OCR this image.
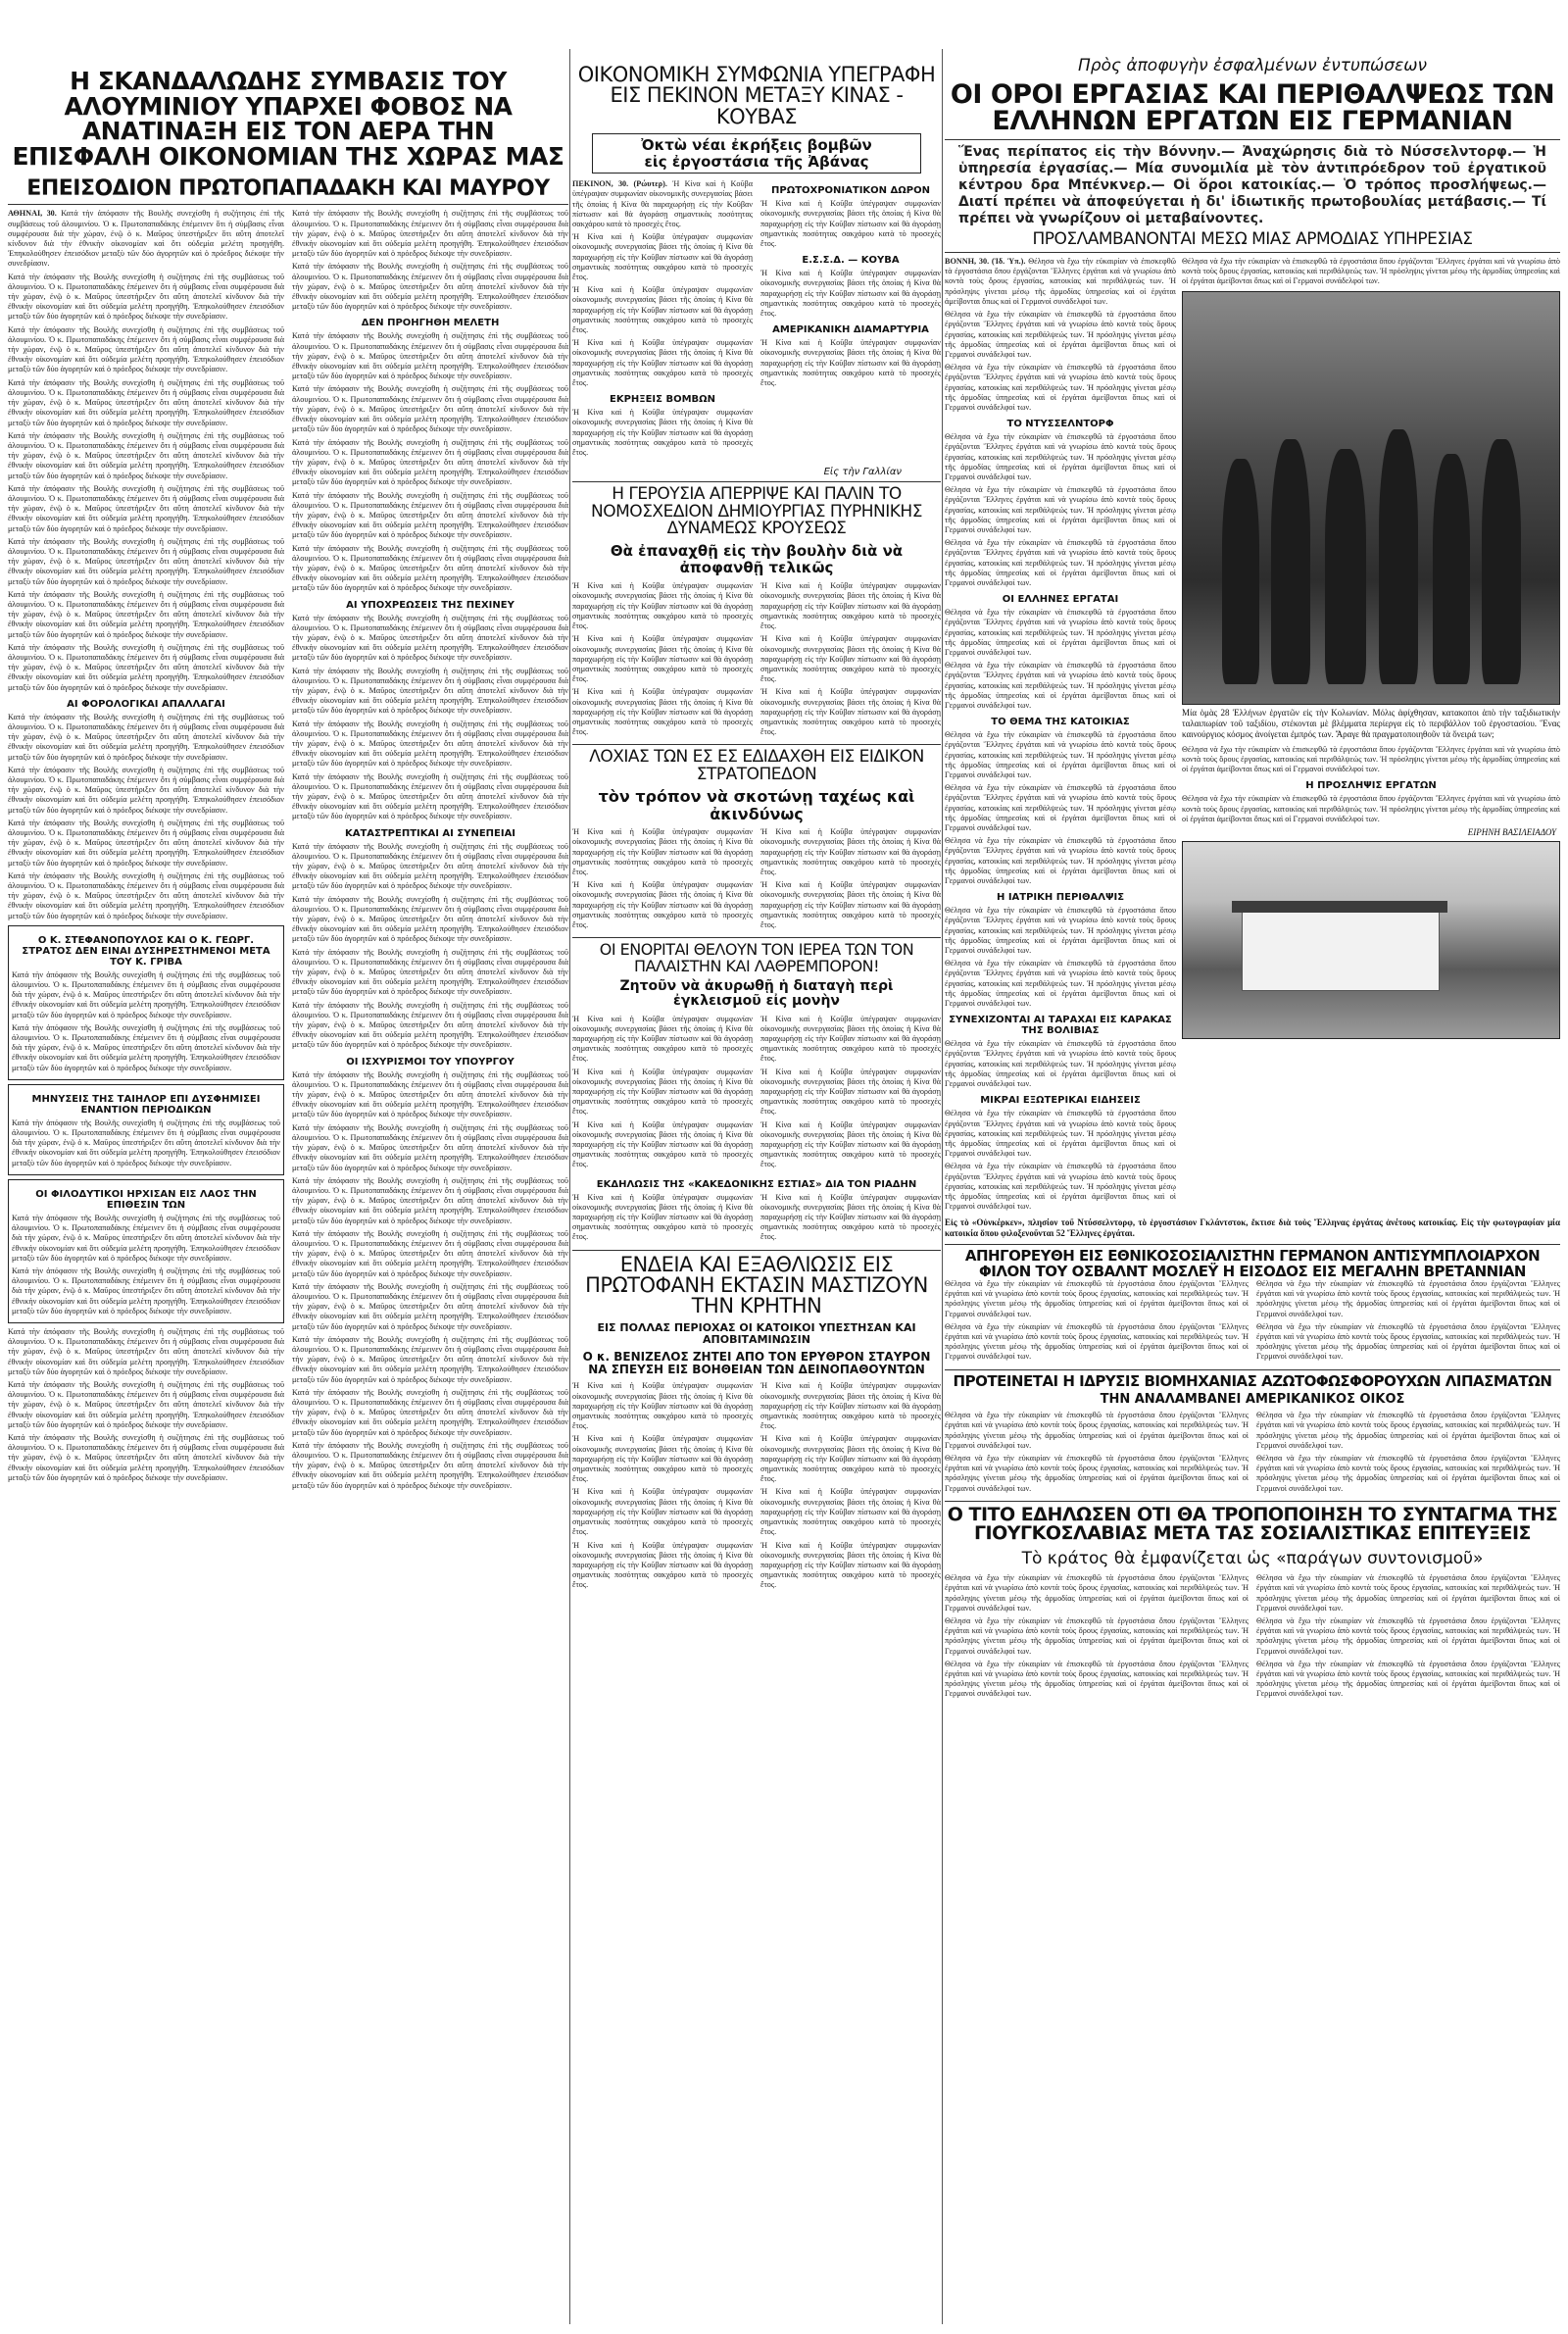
Η ΣΚΑΝΔΑΛΩΔΗΣ ΣΥΜΒΑΣΙΣ ΤΟΥ ΑΛΟΥΜΙΝΙΟΥ ΥΠΑΡΧΕΙ ΦΟΒΟΣ ΝΑ ΑΝΑΤΙΝΑΞΗ ΕΙΣ ΤΟΝ ΑΕΡΑ ΤΗΝ ΕΠΙΣΦΑΛΗ ΟΙΚΟΝΟΜΙΑΝ ΤΗΣ ΧΩΡΑΣ ΜΑΣ
ΕΠΕΙΣΟΔΙΟΝ ΠΡΩΤΟΠΑΠΑΔΑΚΗ ΚΑΙ ΜΑΥΡΟΥ

ΑΘΗΝΑΙ, 30. Κατά τὴν ἀπόφασιν τῆς Βουλῆς συνεχίσθη ἡ συζήτησις ἐπὶ τῆς συμβάσεως τοῦ ἀλουμινίου. Ὁ κ. Πρωτοπαπαδάκης ἐπέμεινεν ὅτι ἡ σύμβασις εἶναι συμφέρουσα διὰ τὴν χώραν, ἐνῷ ὁ κ. Μαῦρος ὑπεστήριξεν ὅτι αὕτη ἀποτελεῖ κίνδυνον διὰ τὴν ἐθνικὴν οἰκονομίαν καὶ ὅτι οὐδεμία μελέτη προηγήθη. Ἐπηκολούθησεν ἐπεισόδιον μεταξὺ τῶν δύο ἀγορητῶν καὶ ὁ πρόεδρος διέκοψε τὴν συνεδρίασιν.

Κατά τὴν ἀπόφασιν τῆς Βουλῆς συνεχίσθη ἡ συζήτησις ἐπὶ τῆς συμβάσεως τοῦ ἀλουμινίου. Ὁ κ. Πρωτοπαπαδάκης ἐπέμεινεν ὅτι ἡ σύμβασις εἶναι συμφέρουσα διὰ τὴν χώραν, ἐνῷ ὁ κ. Μαῦρος ὑπεστήριξεν ὅτι αὕτη ἀποτελεῖ κίνδυνον διὰ τὴν ἐθνικὴν οἰκονομίαν καὶ ὅτι οὐδεμία μελέτη προηγήθη. Ἐπηκολούθησεν ἐπεισόδιον μεταξὺ τῶν δύο ἀγορητῶν καὶ ὁ πρόεδρος διέκοψε τὴν συνεδρίασιν.

Κατά τὴν ἀπόφασιν τῆς Βουλῆς συνεχίσθη ἡ συζήτησις ἐπὶ τῆς συμβάσεως τοῦ ἀλουμινίου. Ὁ κ. Πρωτοπαπαδάκης ἐπέμεινεν ὅτι ἡ σύμβασις εἶναι συμφέρουσα διὰ τὴν χώραν, ἐνῷ ὁ κ. Μαῦρος ὑπεστήριξεν ὅτι αὕτη ἀποτελεῖ κίνδυνον διὰ τὴν ἐθνικὴν οἰκονομίαν καὶ ὅτι οὐδεμία μελέτη προηγήθη. Ἐπηκολούθησεν ἐπεισόδιον μεταξὺ τῶν δύο ἀγορητῶν καὶ ὁ πρόεδρος διέκοψε τὴν συνεδρίασιν.

Κατά τὴν ἀπόφασιν τῆς Βουλῆς συνεχίσθη ἡ συζήτησις ἐπὶ τῆς συμβάσεως τοῦ ἀλουμινίου. Ὁ κ. Πρωτοπαπαδάκης ἐπέμεινεν ὅτι ἡ σύμβασις εἶναι συμφέρουσα διὰ τὴν χώραν, ἐνῷ ὁ κ. Μαῦρος ὑπεστήριξεν ὅτι αὕτη ἀποτελεῖ κίνδυνον διὰ τὴν ἐθνικὴν οἰκονομίαν καὶ ὅτι οὐδεμία μελέτη προηγήθη. Ἐπηκολούθησεν ἐπεισόδιον μεταξὺ τῶν δύο ἀγορητῶν καὶ ὁ πρόεδρος διέκοψε τὴν συνεδρίασιν.

Κατά τὴν ἀπόφασιν τῆς Βουλῆς συνεχίσθη ἡ συζήτησις ἐπὶ τῆς συμβάσεως τοῦ ἀλουμινίου. Ὁ κ. Πρωτοπαπαδάκης ἐπέμεινεν ὅτι ἡ σύμβασις εἶναι συμφέρουσα διὰ τὴν χώραν, ἐνῷ ὁ κ. Μαῦρος ὑπεστήριξεν ὅτι αὕτη ἀποτελεῖ κίνδυνον διὰ τὴν ἐθνικὴν οἰκονομίαν καὶ ὅτι οὐδεμία μελέτη προηγήθη. Ἐπηκολούθησεν ἐπεισόδιον μεταξὺ τῶν δύο ἀγορητῶν καὶ ὁ πρόεδρος διέκοψε τὴν συνεδρίασιν.

Κατά τὴν ἀπόφασιν τῆς Βουλῆς συνεχίσθη ἡ συζήτησις ἐπὶ τῆς συμβάσεως τοῦ ἀλουμινίου. Ὁ κ. Πρωτοπαπαδάκης ἐπέμεινεν ὅτι ἡ σύμβασις εἶναι συμφέρουσα διὰ τὴν χώραν, ἐνῷ ὁ κ. Μαῦρος ὑπεστήριξεν ὅτι αὕτη ἀποτελεῖ κίνδυνον διὰ τὴν ἐθνικὴν οἰκονομίαν καὶ ὅτι οὐδεμία μελέτη προηγήθη. Ἐπηκολούθησεν ἐπεισόδιον μεταξὺ τῶν δύο ἀγορητῶν καὶ ὁ πρόεδρος διέκοψε τὴν συνεδρίασιν.

Κατά τὴν ἀπόφασιν τῆς Βουλῆς συνεχίσθη ἡ συζήτησις ἐπὶ τῆς συμβάσεως τοῦ ἀλουμινίου. Ὁ κ. Πρωτοπαπαδάκης ἐπέμεινεν ὅτι ἡ σύμβασις εἶναι συμφέρουσα διὰ τὴν χώραν, ἐνῷ ὁ κ. Μαῦρος ὑπεστήριξεν ὅτι αὕτη ἀποτελεῖ κίνδυνον διὰ τὴν ἐθνικὴν οἰκονομίαν καὶ ὅτι οὐδεμία μελέτη προηγήθη. Ἐπηκολούθησεν ἐπεισόδιον μεταξὺ τῶν δύο ἀγορητῶν καὶ ὁ πρόεδρος διέκοψε τὴν συνεδρίασιν.

Κατά τὴν ἀπόφασιν τῆς Βουλῆς συνεχίσθη ἡ συζήτησις ἐπὶ τῆς συμβάσεως τοῦ ἀλουμινίου. Ὁ κ. Πρωτοπαπαδάκης ἐπέμεινεν ὅτι ἡ σύμβασις εἶναι συμφέρουσα διὰ τὴν χώραν, ἐνῷ ὁ κ. Μαῦρος ὑπεστήριξεν ὅτι αὕτη ἀποτελεῖ κίνδυνον διὰ τὴν ἐθνικὴν οἰκονομίαν καὶ ὅτι οὐδεμία μελέτη προηγήθη. Ἐπηκολούθησεν ἐπεισόδιον μεταξὺ τῶν δύο ἀγορητῶν καὶ ὁ πρόεδρος διέκοψε τὴν συνεδρίασιν.

Κατά τὴν ἀπόφασιν τῆς Βουλῆς συνεχίσθη ἡ συζήτησις ἐπὶ τῆς συμβάσεως τοῦ ἀλουμινίου. Ὁ κ. Πρωτοπαπαδάκης ἐπέμεινεν ὅτι ἡ σύμβασις εἶναι συμφέρουσα διὰ τὴν χώραν, ἐνῷ ὁ κ. Μαῦρος ὑπεστήριξεν ὅτι αὕτη ἀποτελεῖ κίνδυνον διὰ τὴν ἐθνικὴν οἰκονομίαν καὶ ὅτι οὐδεμία μελέτη προηγήθη. Ἐπηκολούθησεν ἐπεισόδιον μεταξὺ τῶν δύο ἀγορητῶν καὶ ὁ πρόεδρος διέκοψε τὴν συνεδρίασιν.

ΑΙ ΦΟΡΟΛΟΓΙΚΑΙ ΑΠΑΛΛΑΓΑΙ

Κατά τὴν ἀπόφασιν τῆς Βουλῆς συνεχίσθη ἡ συζήτησις ἐπὶ τῆς συμβάσεως τοῦ ἀλουμινίου. Ὁ κ. Πρωτοπαπαδάκης ἐπέμεινεν ὅτι ἡ σύμβασις εἶναι συμφέρουσα διὰ τὴν χώραν, ἐνῷ ὁ κ. Μαῦρος ὑπεστήριξεν ὅτι αὕτη ἀποτελεῖ κίνδυνον διὰ τὴν ἐθνικὴν οἰκονομίαν καὶ ὅτι οὐδεμία μελέτη προηγήθη. Ἐπηκολούθησεν ἐπεισόδιον μεταξὺ τῶν δύο ἀγορητῶν καὶ ὁ πρόεδρος διέκοψε τὴν συνεδρίασιν.

Κατά τὴν ἀπόφασιν τῆς Βουλῆς συνεχίσθη ἡ συζήτησις ἐπὶ τῆς συμβάσεως τοῦ ἀλουμινίου. Ὁ κ. Πρωτοπαπαδάκης ἐπέμεινεν ὅτι ἡ σύμβασις εἶναι συμφέρουσα διὰ τὴν χώραν, ἐνῷ ὁ κ. Μαῦρος ὑπεστήριξεν ὅτι αὕτη ἀποτελεῖ κίνδυνον διὰ τὴν ἐθνικὴν οἰκονομίαν καὶ ὅτι οὐδεμία μελέτη προηγήθη. Ἐπηκολούθησεν ἐπεισόδιον μεταξὺ τῶν δύο ἀγορητῶν καὶ ὁ πρόεδρος διέκοψε τὴν συνεδρίασιν.

Κατά τὴν ἀπόφασιν τῆς Βουλῆς συνεχίσθη ἡ συζήτησις ἐπὶ τῆς συμβάσεως τοῦ ἀλουμινίου. Ὁ κ. Πρωτοπαπαδάκης ἐπέμεινεν ὅτι ἡ σύμβασις εἶναι συμφέρουσα διὰ τὴν χώραν, ἐνῷ ὁ κ. Μαῦρος ὑπεστήριξεν ὅτι αὕτη ἀποτελεῖ κίνδυνον διὰ τὴν ἐθνικὴν οἰκονομίαν καὶ ὅτι οὐδεμία μελέτη προηγήθη. Ἐπηκολούθησεν ἐπεισόδιον μεταξὺ τῶν δύο ἀγορητῶν καὶ ὁ πρόεδρος διέκοψε τὴν συνεδρίασιν.

Κατά τὴν ἀπόφασιν τῆς Βουλῆς συνεχίσθη ἡ συζήτησις ἐπὶ τῆς συμβάσεως τοῦ ἀλουμινίου. Ὁ κ. Πρωτοπαπαδάκης ἐπέμεινεν ὅτι ἡ σύμβασις εἶναι συμφέρουσα διὰ τὴν χώραν, ἐνῷ ὁ κ. Μαῦρος ὑπεστήριξεν ὅτι αὕτη ἀποτελεῖ κίνδυνον διὰ τὴν ἐθνικὴν οἰκονομίαν καὶ ὅτι οὐδεμία μελέτη προηγήθη. Ἐπηκολούθησεν ἐπεισόδιον μεταξὺ τῶν δύο ἀγορητῶν καὶ ὁ πρόεδρος διέκοψε τὴν συνεδρίασιν.

Ο Κ. ΣΤΕΦΑΝΟΠΟΥΛΟΣ ΚΑΙ Ο Κ. ΓΕΩΡΓ. ΣΤΡΑΤΟΣ ΔΕΝ ΕΙΝΑΙ ΔΥΣΗΡΕΣΤΗΜΕΝΟΙ ΜΕΤΑ ΤΟΥ Κ. ΓΡΙΒΑ

Κατά τὴν ἀπόφασιν τῆς Βουλῆς συνεχίσθη ἡ συζήτησις ἐπὶ τῆς συμβάσεως τοῦ ἀλουμινίου. Ὁ κ. Πρωτοπαπαδάκης ἐπέμεινεν ὅτι ἡ σύμβασις εἶναι συμφέρουσα διὰ τὴν χώραν, ἐνῷ ὁ κ. Μαῦρος ὑπεστήριξεν ὅτι αὕτη ἀποτελεῖ κίνδυνον διὰ τὴν ἐθνικὴν οἰκονομίαν καὶ ὅτι οὐδεμία μελέτη προηγήθη. Ἐπηκολούθησεν ἐπεισόδιον μεταξὺ τῶν δύο ἀγορητῶν καὶ ὁ πρόεδρος διέκοψε τὴν συνεδρίασιν.

Κατά τὴν ἀπόφασιν τῆς Βουλῆς συνεχίσθη ἡ συζήτησις ἐπὶ τῆς συμβάσεως τοῦ ἀλουμινίου. Ὁ κ. Πρωτοπαπαδάκης ἐπέμεινεν ὅτι ἡ σύμβασις εἶναι συμφέρουσα διὰ τὴν χώραν, ἐνῷ ὁ κ. Μαῦρος ὑπεστήριξεν ὅτι αὕτη ἀποτελεῖ κίνδυνον διὰ τὴν ἐθνικὴν οἰκονομίαν καὶ ὅτι οὐδεμία μελέτη προηγήθη. Ἐπηκολούθησεν ἐπεισόδιον μεταξὺ τῶν δύο ἀγορητῶν καὶ ὁ πρόεδρος διέκοψε τὴν συνεδρίασιν.

ΜΗΝΥΣΕΙΣ ΤΗΣ ΤΑΙΗΛΟΡ ΕΠΙ ΔΥΣΦΗΜΙΣΕΙ ΕΝΑΝΤΙΟΝ ΠΕΡΙΟΔΙΚΩΝ

Κατά τὴν ἀπόφασιν τῆς Βουλῆς συνεχίσθη ἡ συζήτησις ἐπὶ τῆς συμβάσεως τοῦ ἀλουμινίου. Ὁ κ. Πρωτοπαπαδάκης ἐπέμεινεν ὅτι ἡ σύμβασις εἶναι συμφέρουσα διὰ τὴν χώραν, ἐνῷ ὁ κ. Μαῦρος ὑπεστήριξεν ὅτι αὕτη ἀποτελεῖ κίνδυνον διὰ τὴν ἐθνικὴν οἰκονομίαν καὶ ὅτι οὐδεμία μελέτη προηγήθη. Ἐπηκολούθησεν ἐπεισόδιον μεταξὺ τῶν δύο ἀγορητῶν καὶ ὁ πρόεδρος διέκοψε τὴν συνεδρίασιν.

ΟΙ ΦΙΛΟΔΥΤΙΚΟΙ ΗΡΧΙΣΑΝ ΕΙΣ ΛΑΟΣ ΤΗΝ ΕΠΙΘΕΣΙΝ ΤΩΝ

Κατά τὴν ἀπόφασιν τῆς Βουλῆς συνεχίσθη ἡ συζήτησις ἐπὶ τῆς συμβάσεως τοῦ ἀλουμινίου. Ὁ κ. Πρωτοπαπαδάκης ἐπέμεινεν ὅτι ἡ σύμβασις εἶναι συμφέρουσα διὰ τὴν χώραν, ἐνῷ ὁ κ. Μαῦρος ὑπεστήριξεν ὅτι αὕτη ἀποτελεῖ κίνδυνον διὰ τὴν ἐθνικὴν οἰκονομίαν καὶ ὅτι οὐδεμία μελέτη προηγήθη. Ἐπηκολούθησεν ἐπεισόδιον μεταξὺ τῶν δύο ἀγορητῶν καὶ ὁ πρόεδρος διέκοψε τὴν συνεδρίασιν.

Κατά τὴν ἀπόφασιν τῆς Βουλῆς συνεχίσθη ἡ συζήτησις ἐπὶ τῆς συμβάσεως τοῦ ἀλουμινίου. Ὁ κ. Πρωτοπαπαδάκης ἐπέμεινεν ὅτι ἡ σύμβασις εἶναι συμφέρουσα διὰ τὴν χώραν, ἐνῷ ὁ κ. Μαῦρος ὑπεστήριξεν ὅτι αὕτη ἀποτελεῖ κίνδυνον διὰ τὴν ἐθνικὴν οἰκονομίαν καὶ ὅτι οὐδεμία μελέτη προηγήθη. Ἐπηκολούθησεν ἐπεισόδιον μεταξὺ τῶν δύο ἀγορητῶν καὶ ὁ πρόεδρος διέκοψε τὴν συνεδρίασιν.

Κατά τὴν ἀπόφασιν τῆς Βουλῆς συνεχίσθη ἡ συζήτησις ἐπὶ τῆς συμβάσεως τοῦ ἀλουμινίου. Ὁ κ. Πρωτοπαπαδάκης ἐπέμεινεν ὅτι ἡ σύμβασις εἶναι συμφέρουσα διὰ τὴν χώραν, ἐνῷ ὁ κ. Μαῦρος ὑπεστήριξεν ὅτι αὕτη ἀποτελεῖ κίνδυνον διὰ τὴν ἐθνικὴν οἰκονομίαν καὶ ὅτι οὐδεμία μελέτη προηγήθη. Ἐπηκολούθησεν ἐπεισόδιον μεταξὺ τῶν δύο ἀγορητῶν καὶ ὁ πρόεδρος διέκοψε τὴν συνεδρίασιν.

Κατά τὴν ἀπόφασιν τῆς Βουλῆς συνεχίσθη ἡ συζήτησις ἐπὶ τῆς συμβάσεως τοῦ ἀλουμινίου. Ὁ κ. Πρωτοπαπαδάκης ἐπέμεινεν ὅτι ἡ σύμβασις εἶναι συμφέρουσα διὰ τὴν χώραν, ἐνῷ ὁ κ. Μαῦρος ὑπεστήριξεν ὅτι αὕτη ἀποτελεῖ κίνδυνον διὰ τὴν ἐθνικὴν οἰκονομίαν καὶ ὅτι οὐδεμία μελέτη προηγήθη. Ἐπηκολούθησεν ἐπεισόδιον μεταξὺ τῶν δύο ἀγορητῶν καὶ ὁ πρόεδρος διέκοψε τὴν συνεδρίασιν.

Κατά τὴν ἀπόφασιν τῆς Βουλῆς συνεχίσθη ἡ συζήτησις ἐπὶ τῆς συμβάσεως τοῦ ἀλουμινίου. Ὁ κ. Πρωτοπαπαδάκης ἐπέμεινεν ὅτι ἡ σύμβασις εἶναι συμφέρουσα διὰ τὴν χώραν, ἐνῷ ὁ κ. Μαῦρος ὑπεστήριξεν ὅτι αὕτη ἀποτελεῖ κίνδυνον διὰ τὴν ἐθνικὴν οἰκονομίαν καὶ ὅτι οὐδεμία μελέτη προηγήθη. Ἐπηκολούθησεν ἐπεισόδιον μεταξὺ τῶν δύο ἀγορητῶν καὶ ὁ πρόεδρος διέκοψε τὴν συνεδρίασιν.

Κατά τὴν ἀπόφασιν τῆς Βουλῆς συνεχίσθη ἡ συζήτησις ἐπὶ τῆς συμβάσεως τοῦ ἀλουμινίου. Ὁ κ. Πρωτοπαπαδάκης ἐπέμεινεν ὅτι ἡ σύμβασις εἶναι συμφέρουσα διὰ τὴν χώραν, ἐνῷ ὁ κ. Μαῦρος ὑπεστήριξεν ὅτι αὕτη ἀποτελεῖ κίνδυνον διὰ τὴν ἐθνικὴν οἰκονομίαν καὶ ὅτι οὐδεμία μελέτη προηγήθη. Ἐπηκολούθησεν ἐπεισόδιον μεταξὺ τῶν δύο ἀγορητῶν καὶ ὁ πρόεδρος διέκοψε τὴν συνεδρίασιν.

Κατά τὴν ἀπόφασιν τῆς Βουλῆς συνεχίσθη ἡ συζήτησις ἐπὶ τῆς συμβάσεως τοῦ ἀλουμινίου. Ὁ κ. Πρωτοπαπαδάκης ἐπέμεινεν ὅτι ἡ σύμβασις εἶναι συμφέρουσα διὰ τὴν χώραν, ἐνῷ ὁ κ. Μαῦρος ὑπεστήριξεν ὅτι αὕτη ἀποτελεῖ κίνδυνον διὰ τὴν ἐθνικὴν οἰκονομίαν καὶ ὅτι οὐδεμία μελέτη προηγήθη. Ἐπηκολούθησεν ἐπεισόδιον μεταξὺ τῶν δύο ἀγορητῶν καὶ ὁ πρόεδρος διέκοψε τὴν συνεδρίασιν.

ΔΕΝ ΠΡΟΗΓΗΘΗ ΜΕΛΕΤΗ

Κατά τὴν ἀπόφασιν τῆς Βουλῆς συνεχίσθη ἡ συζήτησις ἐπὶ τῆς συμβάσεως τοῦ ἀλουμινίου. Ὁ κ. Πρωτοπαπαδάκης ἐπέμεινεν ὅτι ἡ σύμβασις εἶναι συμφέρουσα διὰ τὴν χώραν, ἐνῷ ὁ κ. Μαῦρος ὑπεστήριξεν ὅτι αὕτη ἀποτελεῖ κίνδυνον διὰ τὴν ἐθνικὴν οἰκονομίαν καὶ ὅτι οὐδεμία μελέτη προηγήθη. Ἐπηκολούθησεν ἐπεισόδιον μεταξὺ τῶν δύο ἀγορητῶν καὶ ὁ πρόεδρος διέκοψε τὴν συνεδρίασιν.

Κατά τὴν ἀπόφασιν τῆς Βουλῆς συνεχίσθη ἡ συζήτησις ἐπὶ τῆς συμβάσεως τοῦ ἀλουμινίου. Ὁ κ. Πρωτοπαπαδάκης ἐπέμεινεν ὅτι ἡ σύμβασις εἶναι συμφέρουσα διὰ τὴν χώραν, ἐνῷ ὁ κ. Μαῦρος ὑπεστήριξεν ὅτι αὕτη ἀποτελεῖ κίνδυνον διὰ τὴν ἐθνικὴν οἰκονομίαν καὶ ὅτι οὐδεμία μελέτη προηγήθη. Ἐπηκολούθησεν ἐπεισόδιον μεταξὺ τῶν δύο ἀγορητῶν καὶ ὁ πρόεδρος διέκοψε τὴν συνεδρίασιν.

Κατά τὴν ἀπόφασιν τῆς Βουλῆς συνεχίσθη ἡ συζήτησις ἐπὶ τῆς συμβάσεως τοῦ ἀλουμινίου. Ὁ κ. Πρωτοπαπαδάκης ἐπέμεινεν ὅτι ἡ σύμβασις εἶναι συμφέρουσα διὰ τὴν χώραν, ἐνῷ ὁ κ. Μαῦρος ὑπεστήριξεν ὅτι αὕτη ἀποτελεῖ κίνδυνον διὰ τὴν ἐθνικὴν οἰκονομίαν καὶ ὅτι οὐδεμία μελέτη προηγήθη. Ἐπηκολούθησεν ἐπεισόδιον μεταξὺ τῶν δύο ἀγορητῶν καὶ ὁ πρόεδρος διέκοψε τὴν συνεδρίασιν.

Κατά τὴν ἀπόφασιν τῆς Βουλῆς συνεχίσθη ἡ συζήτησις ἐπὶ τῆς συμβάσεως τοῦ ἀλουμινίου. Ὁ κ. Πρωτοπαπαδάκης ἐπέμεινεν ὅτι ἡ σύμβασις εἶναι συμφέρουσα διὰ τὴν χώραν, ἐνῷ ὁ κ. Μαῦρος ὑπεστήριξεν ὅτι αὕτη ἀποτελεῖ κίνδυνον διὰ τὴν ἐθνικὴν οἰκονομίαν καὶ ὅτι οὐδεμία μελέτη προηγήθη. Ἐπηκολούθησεν ἐπεισόδιον μεταξὺ τῶν δύο ἀγορητῶν καὶ ὁ πρόεδρος διέκοψε τὴν συνεδρίασιν.

Κατά τὴν ἀπόφασιν τῆς Βουλῆς συνεχίσθη ἡ συζήτησις ἐπὶ τῆς συμβάσεως τοῦ ἀλουμινίου. Ὁ κ. Πρωτοπαπαδάκης ἐπέμεινεν ὅτι ἡ σύμβασις εἶναι συμφέρουσα διὰ τὴν χώραν, ἐνῷ ὁ κ. Μαῦρος ὑπεστήριξεν ὅτι αὕτη ἀποτελεῖ κίνδυνον διὰ τὴν ἐθνικὴν οἰκονομίαν καὶ ὅτι οὐδεμία μελέτη προηγήθη. Ἐπηκολούθησεν ἐπεισόδιον μεταξὺ τῶν δύο ἀγορητῶν καὶ ὁ πρόεδρος διέκοψε τὴν συνεδρίασιν.

ΑΙ ΥΠΟΧΡΕΩΣΕΙΣ ΤΗΣ ΠΕΧΙΝΕΥ

Κατά τὴν ἀπόφασιν τῆς Βουλῆς συνεχίσθη ἡ συζήτησις ἐπὶ τῆς συμβάσεως τοῦ ἀλουμινίου. Ὁ κ. Πρωτοπαπαδάκης ἐπέμεινεν ὅτι ἡ σύμβασις εἶναι συμφέρουσα διὰ τὴν χώραν, ἐνῷ ὁ κ. Μαῦρος ὑπεστήριξεν ὅτι αὕτη ἀποτελεῖ κίνδυνον διὰ τὴν ἐθνικὴν οἰκονομίαν καὶ ὅτι οὐδεμία μελέτη προηγήθη. Ἐπηκολούθησεν ἐπεισόδιον μεταξὺ τῶν δύο ἀγορητῶν καὶ ὁ πρόεδρος διέκοψε τὴν συνεδρίασιν.

Κατά τὴν ἀπόφασιν τῆς Βουλῆς συνεχίσθη ἡ συζήτησις ἐπὶ τῆς συμβάσεως τοῦ ἀλουμινίου. Ὁ κ. Πρωτοπαπαδάκης ἐπέμεινεν ὅτι ἡ σύμβασις εἶναι συμφέρουσα διὰ τὴν χώραν, ἐνῷ ὁ κ. Μαῦρος ὑπεστήριξεν ὅτι αὕτη ἀποτελεῖ κίνδυνον διὰ τὴν ἐθνικὴν οἰκονομίαν καὶ ὅτι οὐδεμία μελέτη προηγήθη. Ἐπηκολούθησεν ἐπεισόδιον μεταξὺ τῶν δύο ἀγορητῶν καὶ ὁ πρόεδρος διέκοψε τὴν συνεδρίασιν.

Κατά τὴν ἀπόφασιν τῆς Βουλῆς συνεχίσθη ἡ συζήτησις ἐπὶ τῆς συμβάσεως τοῦ ἀλουμινίου. Ὁ κ. Πρωτοπαπαδάκης ἐπέμεινεν ὅτι ἡ σύμβασις εἶναι συμφέρουσα διὰ τὴν χώραν, ἐνῷ ὁ κ. Μαῦρος ὑπεστήριξεν ὅτι αὕτη ἀποτελεῖ κίνδυνον διὰ τὴν ἐθνικὴν οἰκονομίαν καὶ ὅτι οὐδεμία μελέτη προηγήθη. Ἐπηκολούθησεν ἐπεισόδιον μεταξὺ τῶν δύο ἀγορητῶν καὶ ὁ πρόεδρος διέκοψε τὴν συνεδρίασιν.

Κατά τὴν ἀπόφασιν τῆς Βουλῆς συνεχίσθη ἡ συζήτησις ἐπὶ τῆς συμβάσεως τοῦ ἀλουμινίου. Ὁ κ. Πρωτοπαπαδάκης ἐπέμεινεν ὅτι ἡ σύμβασις εἶναι συμφέρουσα διὰ τὴν χώραν, ἐνῷ ὁ κ. Μαῦρος ὑπεστήριξεν ὅτι αὕτη ἀποτελεῖ κίνδυνον διὰ τὴν ἐθνικὴν οἰκονομίαν καὶ ὅτι οὐδεμία μελέτη προηγήθη. Ἐπηκολούθησεν ἐπεισόδιον μεταξὺ τῶν δύο ἀγορητῶν καὶ ὁ πρόεδρος διέκοψε τὴν συνεδρίασιν.

ΚΑΤΑΣΤΡΕΠΤΙΚΑΙ ΑΙ ΣΥΝΕΠΕΙΑΙ

Κατά τὴν ἀπόφασιν τῆς Βουλῆς συνεχίσθη ἡ συζήτησις ἐπὶ τῆς συμβάσεως τοῦ ἀλουμινίου. Ὁ κ. Πρωτοπαπαδάκης ἐπέμεινεν ὅτι ἡ σύμβασις εἶναι συμφέρουσα διὰ τὴν χώραν, ἐνῷ ὁ κ. Μαῦρος ὑπεστήριξεν ὅτι αὕτη ἀποτελεῖ κίνδυνον διὰ τὴν ἐθνικὴν οἰκονομίαν καὶ ὅτι οὐδεμία μελέτη προηγήθη. Ἐπηκολούθησεν ἐπεισόδιον μεταξὺ τῶν δύο ἀγορητῶν καὶ ὁ πρόεδρος διέκοψε τὴν συνεδρίασιν.

Κατά τὴν ἀπόφασιν τῆς Βουλῆς συνεχίσθη ἡ συζήτησις ἐπὶ τῆς συμβάσεως τοῦ ἀλουμινίου. Ὁ κ. Πρωτοπαπαδάκης ἐπέμεινεν ὅτι ἡ σύμβασις εἶναι συμφέρουσα διὰ τὴν χώραν, ἐνῷ ὁ κ. Μαῦρος ὑπεστήριξεν ὅτι αὕτη ἀποτελεῖ κίνδυνον διὰ τὴν ἐθνικὴν οἰκονομίαν καὶ ὅτι οὐδεμία μελέτη προηγήθη. Ἐπηκολούθησεν ἐπεισόδιον μεταξὺ τῶν δύο ἀγορητῶν καὶ ὁ πρόεδρος διέκοψε τὴν συνεδρίασιν.

Κατά τὴν ἀπόφασιν τῆς Βουλῆς συνεχίσθη ἡ συζήτησις ἐπὶ τῆς συμβάσεως τοῦ ἀλουμινίου. Ὁ κ. Πρωτοπαπαδάκης ἐπέμεινεν ὅτι ἡ σύμβασις εἶναι συμφέρουσα διὰ τὴν χώραν, ἐνῷ ὁ κ. Μαῦρος ὑπεστήριξεν ὅτι αὕτη ἀποτελεῖ κίνδυνον διὰ τὴν ἐθνικὴν οἰκονομίαν καὶ ὅτι οὐδεμία μελέτη προηγήθη. Ἐπηκολούθησεν ἐπεισόδιον μεταξὺ τῶν δύο ἀγορητῶν καὶ ὁ πρόεδρος διέκοψε τὴν συνεδρίασιν.

Κατά τὴν ἀπόφασιν τῆς Βουλῆς συνεχίσθη ἡ συζήτησις ἐπὶ τῆς συμβάσεως τοῦ ἀλουμινίου. Ὁ κ. Πρωτοπαπαδάκης ἐπέμεινεν ὅτι ἡ σύμβασις εἶναι συμφέρουσα διὰ τὴν χώραν, ἐνῷ ὁ κ. Μαῦρος ὑπεστήριξεν ὅτι αὕτη ἀποτελεῖ κίνδυνον διὰ τὴν ἐθνικὴν οἰκονομίαν καὶ ὅτι οὐδεμία μελέτη προηγήθη. Ἐπηκολούθησεν ἐπεισόδιον μεταξὺ τῶν δύο ἀγορητῶν καὶ ὁ πρόεδρος διέκοψε τὴν συνεδρίασιν.

ΟΙ ΙΣΧΥΡΙΣΜΟΙ ΤΟΥ ΥΠΟΥΡΓΟΥ

Κατά τὴν ἀπόφασιν τῆς Βουλῆς συνεχίσθη ἡ συζήτησις ἐπὶ τῆς συμβάσεως τοῦ ἀλουμινίου. Ὁ κ. Πρωτοπαπαδάκης ἐπέμεινεν ὅτι ἡ σύμβασις εἶναι συμφέρουσα διὰ τὴν χώραν, ἐνῷ ὁ κ. Μαῦρος ὑπεστήριξεν ὅτι αὕτη ἀποτελεῖ κίνδυνον διὰ τὴν ἐθνικὴν οἰκονομίαν καὶ ὅτι οὐδεμία μελέτη προηγήθη. Ἐπηκολούθησεν ἐπεισόδιον μεταξὺ τῶν δύο ἀγορητῶν καὶ ὁ πρόεδρος διέκοψε τὴν συνεδρίασιν.

Κατά τὴν ἀπόφασιν τῆς Βουλῆς συνεχίσθη ἡ συζήτησις ἐπὶ τῆς συμβάσεως τοῦ ἀλουμινίου. Ὁ κ. Πρωτοπαπαδάκης ἐπέμεινεν ὅτι ἡ σύμβασις εἶναι συμφέρουσα διὰ τὴν χώραν, ἐνῷ ὁ κ. Μαῦρος ὑπεστήριξεν ὅτι αὕτη ἀποτελεῖ κίνδυνον διὰ τὴν ἐθνικὴν οἰκονομίαν καὶ ὅτι οὐδεμία μελέτη προηγήθη. Ἐπηκολούθησεν ἐπεισόδιον μεταξὺ τῶν δύο ἀγορητῶν καὶ ὁ πρόεδρος διέκοψε τὴν συνεδρίασιν.

Κατά τὴν ἀπόφασιν τῆς Βουλῆς συνεχίσθη ἡ συζήτησις ἐπὶ τῆς συμβάσεως τοῦ ἀλουμινίου. Ὁ κ. Πρωτοπαπαδάκης ἐπέμεινεν ὅτι ἡ σύμβασις εἶναι συμφέρουσα διὰ τὴν χώραν, ἐνῷ ὁ κ. Μαῦρος ὑπεστήριξεν ὅτι αὕτη ἀποτελεῖ κίνδυνον διὰ τὴν ἐθνικὴν οἰκονομίαν καὶ ὅτι οὐδεμία μελέτη προηγήθη. Ἐπηκολούθησεν ἐπεισόδιον μεταξὺ τῶν δύο ἀγορητῶν καὶ ὁ πρόεδρος διέκοψε τὴν συνεδρίασιν.

Κατά τὴν ἀπόφασιν τῆς Βουλῆς συνεχίσθη ἡ συζήτησις ἐπὶ τῆς συμβάσεως τοῦ ἀλουμινίου. Ὁ κ. Πρωτοπαπαδάκης ἐπέμεινεν ὅτι ἡ σύμβασις εἶναι συμφέρουσα διὰ τὴν χώραν, ἐνῷ ὁ κ. Μαῦρος ὑπεστήριξεν ὅτι αὕτη ἀποτελεῖ κίνδυνον διὰ τὴν ἐθνικὴν οἰκονομίαν καὶ ὅτι οὐδεμία μελέτη προηγήθη. Ἐπηκολούθησεν ἐπεισόδιον μεταξὺ τῶν δύο ἀγορητῶν καὶ ὁ πρόεδρος διέκοψε τὴν συνεδρίασιν.

Κατά τὴν ἀπόφασιν τῆς Βουλῆς συνεχίσθη ἡ συζήτησις ἐπὶ τῆς συμβάσεως τοῦ ἀλουμινίου. Ὁ κ. Πρωτοπαπαδάκης ἐπέμεινεν ὅτι ἡ σύμβασις εἶναι συμφέρουσα διὰ τὴν χώραν, ἐνῷ ὁ κ. Μαῦρος ὑπεστήριξεν ὅτι αὕτη ἀποτελεῖ κίνδυνον διὰ τὴν ἐθνικὴν οἰκονομίαν καὶ ὅτι οὐδεμία μελέτη προηγήθη. Ἐπηκολούθησεν ἐπεισόδιον μεταξὺ τῶν δύο ἀγορητῶν καὶ ὁ πρόεδρος διέκοψε τὴν συνεδρίασιν.

Κατά τὴν ἀπόφασιν τῆς Βουλῆς συνεχίσθη ἡ συζήτησις ἐπὶ τῆς συμβάσεως τοῦ ἀλουμινίου. Ὁ κ. Πρωτοπαπαδάκης ἐπέμεινεν ὅτι ἡ σύμβασις εἶναι συμφέρουσα διὰ τὴν χώραν, ἐνῷ ὁ κ. Μαῦρος ὑπεστήριξεν ὅτι αὕτη ἀποτελεῖ κίνδυνον διὰ τὴν ἐθνικὴν οἰκονομίαν καὶ ὅτι οὐδεμία μελέτη προηγήθη. Ἐπηκολούθησεν ἐπεισόδιον μεταξὺ τῶν δύο ἀγορητῶν καὶ ὁ πρόεδρος διέκοψε τὴν συνεδρίασιν.

Κατά τὴν ἀπόφασιν τῆς Βουλῆς συνεχίσθη ἡ συζήτησις ἐπὶ τῆς συμβάσεως τοῦ ἀλουμινίου. Ὁ κ. Πρωτοπαπαδάκης ἐπέμεινεν ὅτι ἡ σύμβασις εἶναι συμφέρουσα διὰ τὴν χώραν, ἐνῷ ὁ κ. Μαῦρος ὑπεστήριξεν ὅτι αὕτη ἀποτελεῖ κίνδυνον διὰ τὴν ἐθνικὴν οἰκονομίαν καὶ ὅτι οὐδεμία μελέτη προηγήθη. Ἐπηκολούθησεν ἐπεισόδιον μεταξὺ τῶν δύο ἀγορητῶν καὶ ὁ πρόεδρος διέκοψε τὴν συνεδρίασιν.

Κατά τὴν ἀπόφασιν τῆς Βουλῆς συνεχίσθη ἡ συζήτησις ἐπὶ τῆς συμβάσεως τοῦ ἀλουμινίου. Ὁ κ. Πρωτοπαπαδάκης ἐπέμεινεν ὅτι ἡ σύμβασις εἶναι συμφέρουσα διὰ τὴν χώραν, ἐνῷ ὁ κ. Μαῦρος ὑπεστήριξεν ὅτι αὕτη ἀποτελεῖ κίνδυνον διὰ τὴν ἐθνικὴν οἰκονομίαν καὶ ὅτι οὐδεμία μελέτη προηγήθη. Ἐπηκολούθησεν ἐπεισόδιον μεταξὺ τῶν δύο ἀγορητῶν καὶ ὁ πρόεδρος διέκοψε τὴν συνεδρίασιν.

ΟΙΚΟΝΟΜΙΚΗ ΣΥΜΦΩΝΙΑ ΥΠΕΓΡΑΦΗ ΕΙΣ ΠΕΚΙΝΟΝ ΜΕΤΑΞΥ ΚΙΝΑΣ - ΚΟΥΒΑΣ

Ὀκτὼ νέαι ἐκρήξεις βομβῶν

εἰς ἐργοστάσια τῆς Ἀβάνας

ΠΕΚΙΝΟΝ, 30. (Ρώυτερ). Ἡ Κίνα καὶ ἡ Κοῦβα ὑπέγραψαν συμφωνίαν οἰκονομικῆς συνεργασίας βάσει τῆς ὁποίας ἡ Κίνα θὰ παραχωρήσῃ εἰς τὴν Κοῦβαν πίστωσιν καὶ θὰ ἀγοράσῃ σημαντικὰς ποσότητας σακχάρου κατὰ τὸ προσεχὲς ἔτος.

Ἡ Κίνα καὶ ἡ Κοῦβα ὑπέγραψαν συμφωνίαν οἰκονομικῆς συνεργασίας βάσει τῆς ὁποίας ἡ Κίνα θὰ παραχωρήσῃ εἰς τὴν Κοῦβαν πίστωσιν καὶ θὰ ἀγοράσῃ σημαντικὰς ποσότητας σακχάρου κατὰ τὸ προσεχὲς ἔτος.

Ἡ Κίνα καὶ ἡ Κοῦβα ὑπέγραψαν συμφωνίαν οἰκονομικῆς συνεργασίας βάσει τῆς ὁποίας ἡ Κίνα θὰ παραχωρήσῃ εἰς τὴν Κοῦβαν πίστωσιν καὶ θὰ ἀγοράσῃ σημαντικὰς ποσότητας σακχάρου κατὰ τὸ προσεχὲς ἔτος.

Ἡ Κίνα καὶ ἡ Κοῦβα ὑπέγραψαν συμφωνίαν οἰκονομικῆς συνεργασίας βάσει τῆς ὁποίας ἡ Κίνα θὰ παραχωρήσῃ εἰς τὴν Κοῦβαν πίστωσιν καὶ θὰ ἀγοράσῃ σημαντικὰς ποσότητας σακχάρου κατὰ τὸ προσεχὲς ἔτος.

ΕΚΡΗΞΕΙΣ ΒΟΜΒΩΝ

Ἡ Κίνα καὶ ἡ Κοῦβα ὑπέγραψαν συμφωνίαν οἰκονομικῆς συνεργασίας βάσει τῆς ὁποίας ἡ Κίνα θὰ παραχωρήσῃ εἰς τὴν Κοῦβαν πίστωσιν καὶ θὰ ἀγοράσῃ σημαντικὰς ποσότητας σακχάρου κατὰ τὸ προσεχὲς ἔτος.

ΠΡΩΤΟΧΡΟΝΙΑΤΙΚΟΝ ΔΩΡΟΝ

Ἡ Κίνα καὶ ἡ Κοῦβα ὑπέγραψαν συμφωνίαν οἰκονομικῆς συνεργασίας βάσει τῆς ὁποίας ἡ Κίνα θὰ παραχωρήσῃ εἰς τὴν Κοῦβαν πίστωσιν καὶ θὰ ἀγοράσῃ σημαντικὰς ποσότητας σακχάρου κατὰ τὸ προσεχὲς ἔτος.

Ε.Σ.Σ.Δ. — ΚΟΥΒΑ

Ἡ Κίνα καὶ ἡ Κοῦβα ὑπέγραψαν συμφωνίαν οἰκονομικῆς συνεργασίας βάσει τῆς ὁποίας ἡ Κίνα θὰ παραχωρήσῃ εἰς τὴν Κοῦβαν πίστωσιν καὶ θὰ ἀγοράσῃ σημαντικὰς ποσότητας σακχάρου κατὰ τὸ προσεχὲς ἔτος.

ΑΜΕΡΙΚΑΝΙΚΗ ΔΙΑΜΑΡΤΥΡΙΑ

Ἡ Κίνα καὶ ἡ Κοῦβα ὑπέγραψαν συμφωνίαν οἰκονομικῆς συνεργασίας βάσει τῆς ὁποίας ἡ Κίνα θὰ παραχωρήσῃ εἰς τὴν Κοῦβαν πίστωσιν καὶ θὰ ἀγοράσῃ σημαντικὰς ποσότητας σακχάρου κατὰ τὸ προσεχὲς ἔτος.

Εἰς τὴν Γαλλίαν
Η ΓΕΡΟΥΣΙΑ ΑΠΕΡΡΙΨΕ ΚΑΙ ΠΑΛΙΝ ΤΟ ΝΟΜΟΣΧΕΔΙΟΝ ΔΗΜΙΟΥΡΓΙΑΣ ΠΥΡΗΝΙΚΗΣ ΔΥΝΑΜΕΩΣ ΚΡΟΥΣΕΩΣ

Θὰ ἐπαναχθῇ εἰς τὴν βουλὴν διὰ νὰ ἀποφανθῇ τελικῶς

Ἡ Κίνα καὶ ἡ Κοῦβα ὑπέγραψαν συμφωνίαν οἰκονομικῆς συνεργασίας βάσει τῆς ὁποίας ἡ Κίνα θὰ παραχωρήσῃ εἰς τὴν Κοῦβαν πίστωσιν καὶ θὰ ἀγοράσῃ σημαντικὰς ποσότητας σακχάρου κατὰ τὸ προσεχὲς ἔτος.

Ἡ Κίνα καὶ ἡ Κοῦβα ὑπέγραψαν συμφωνίαν οἰκονομικῆς συνεργασίας βάσει τῆς ὁποίας ἡ Κίνα θὰ παραχωρήσῃ εἰς τὴν Κοῦβαν πίστωσιν καὶ θὰ ἀγοράσῃ σημαντικὰς ποσότητας σακχάρου κατὰ τὸ προσεχὲς ἔτος.

Ἡ Κίνα καὶ ἡ Κοῦβα ὑπέγραψαν συμφωνίαν οἰκονομικῆς συνεργασίας βάσει τῆς ὁποίας ἡ Κίνα θὰ παραχωρήσῃ εἰς τὴν Κοῦβαν πίστωσιν καὶ θὰ ἀγοράσῃ σημαντικὰς ποσότητας σακχάρου κατὰ τὸ προσεχὲς ἔτος.

Ἡ Κίνα καὶ ἡ Κοῦβα ὑπέγραψαν συμφωνίαν οἰκονομικῆς συνεργασίας βάσει τῆς ὁποίας ἡ Κίνα θὰ παραχωρήσῃ εἰς τὴν Κοῦβαν πίστωσιν καὶ θὰ ἀγοράσῃ σημαντικὰς ποσότητας σακχάρου κατὰ τὸ προσεχὲς ἔτος.

Ἡ Κίνα καὶ ἡ Κοῦβα ὑπέγραψαν συμφωνίαν οἰκονομικῆς συνεργασίας βάσει τῆς ὁποίας ἡ Κίνα θὰ παραχωρήσῃ εἰς τὴν Κοῦβαν πίστωσιν καὶ θὰ ἀγοράσῃ σημαντικὰς ποσότητας σακχάρου κατὰ τὸ προσεχὲς ἔτος.

Ἡ Κίνα καὶ ἡ Κοῦβα ὑπέγραψαν συμφωνίαν οἰκονομικῆς συνεργασίας βάσει τῆς ὁποίας ἡ Κίνα θὰ παραχωρήσῃ εἰς τὴν Κοῦβαν πίστωσιν καὶ θὰ ἀγοράσῃ σημαντικὰς ποσότητας σακχάρου κατὰ τὸ προσεχὲς ἔτος.

ΛΟΧΙΑΣ ΤΩΝ ΕΣ ΕΣ ΕΔΙΔΑΧΘΗ ΕΙΣ ΕΙΔΙΚΟΝ ΣΤΡΑΤΟΠΕΔΟΝ

τὸν τρόπον νὰ σκοτώνῃ ταχέως καὶ ἀκινδύνως

Ἡ Κίνα καὶ ἡ Κοῦβα ὑπέγραψαν συμφωνίαν οἰκονομικῆς συνεργασίας βάσει τῆς ὁποίας ἡ Κίνα θὰ παραχωρήσῃ εἰς τὴν Κοῦβαν πίστωσιν καὶ θὰ ἀγοράσῃ σημαντικὰς ποσότητας σακχάρου κατὰ τὸ προσεχὲς ἔτος.

Ἡ Κίνα καὶ ἡ Κοῦβα ὑπέγραψαν συμφωνίαν οἰκονομικῆς συνεργασίας βάσει τῆς ὁποίας ἡ Κίνα θὰ παραχωρήσῃ εἰς τὴν Κοῦβαν πίστωσιν καὶ θὰ ἀγοράσῃ σημαντικὰς ποσότητας σακχάρου κατὰ τὸ προσεχὲς ἔτος.

Ἡ Κίνα καὶ ἡ Κοῦβα ὑπέγραψαν συμφωνίαν οἰκονομικῆς συνεργασίας βάσει τῆς ὁποίας ἡ Κίνα θὰ παραχωρήσῃ εἰς τὴν Κοῦβαν πίστωσιν καὶ θὰ ἀγοράσῃ σημαντικὰς ποσότητας σακχάρου κατὰ τὸ προσεχὲς ἔτος.

Ἡ Κίνα καὶ ἡ Κοῦβα ὑπέγραψαν συμφωνίαν οἰκονομικῆς συνεργασίας βάσει τῆς ὁποίας ἡ Κίνα θὰ παραχωρήσῃ εἰς τὴν Κοῦβαν πίστωσιν καὶ θὰ ἀγοράσῃ σημαντικὰς ποσότητας σακχάρου κατὰ τὸ προσεχὲς ἔτος.

ΟΙ ΕΝΟΡΙΤΑΙ ΘΕΛΟΥΝ ΤΟΝ ΙΕΡΕΑ ΤΩΝ ΤΟΝ ΠΑΛΑΙΣΤΗΝ ΚΑΙ ΛΑΘΡΕΜΠΟΡΟΝ!

Ζητοῦν νὰ ἀκυρωθῇ ἡ διαταγὴ περὶ ἐγκλεισμοῦ εἰς μονὴν

Ἡ Κίνα καὶ ἡ Κοῦβα ὑπέγραψαν συμφωνίαν οἰκονομικῆς συνεργασίας βάσει τῆς ὁποίας ἡ Κίνα θὰ παραχωρήσῃ εἰς τὴν Κοῦβαν πίστωσιν καὶ θὰ ἀγοράσῃ σημαντικὰς ποσότητας σακχάρου κατὰ τὸ προσεχὲς ἔτος.

Ἡ Κίνα καὶ ἡ Κοῦβα ὑπέγραψαν συμφωνίαν οἰκονομικῆς συνεργασίας βάσει τῆς ὁποίας ἡ Κίνα θὰ παραχωρήσῃ εἰς τὴν Κοῦβαν πίστωσιν καὶ θὰ ἀγοράσῃ σημαντικὰς ποσότητας σακχάρου κατὰ τὸ προσεχὲς ἔτος.

Ἡ Κίνα καὶ ἡ Κοῦβα ὑπέγραψαν συμφωνίαν οἰκονομικῆς συνεργασίας βάσει τῆς ὁποίας ἡ Κίνα θὰ παραχωρήσῃ εἰς τὴν Κοῦβαν πίστωσιν καὶ θὰ ἀγοράσῃ σημαντικὰς ποσότητας σακχάρου κατὰ τὸ προσεχὲς ἔτος.

Ἡ Κίνα καὶ ἡ Κοῦβα ὑπέγραψαν συμφωνίαν οἰκονομικῆς συνεργασίας βάσει τῆς ὁποίας ἡ Κίνα θὰ παραχωρήσῃ εἰς τὴν Κοῦβαν πίστωσιν καὶ θὰ ἀγοράσῃ σημαντικὰς ποσότητας σακχάρου κατὰ τὸ προσεχὲς ἔτος.

Ἡ Κίνα καὶ ἡ Κοῦβα ὑπέγραψαν συμφωνίαν οἰκονομικῆς συνεργασίας βάσει τῆς ὁποίας ἡ Κίνα θὰ παραχωρήσῃ εἰς τὴν Κοῦβαν πίστωσιν καὶ θὰ ἀγοράσῃ σημαντικὰς ποσότητας σακχάρου κατὰ τὸ προσεχὲς ἔτος.

Ἡ Κίνα καὶ ἡ Κοῦβα ὑπέγραψαν συμφωνίαν οἰκονομικῆς συνεργασίας βάσει τῆς ὁποίας ἡ Κίνα θὰ παραχωρήσῃ εἰς τὴν Κοῦβαν πίστωσιν καὶ θὰ ἀγοράσῃ σημαντικὰς ποσότητας σακχάρου κατὰ τὸ προσεχὲς ἔτος.

ΕΚΔΗΛΩΣΙΣ ΤΗΣ «ΚΑΚΕΔΟΝΙΚΗΣ ΕΣΤΙΑΣ» ΔΙΑ ΤΟΝ ΡΙΑΔΗΝ

Ἡ Κίνα καὶ ἡ Κοῦβα ὑπέγραψαν συμφωνίαν οἰκονομικῆς συνεργασίας βάσει τῆς ὁποίας ἡ Κίνα θὰ παραχωρήσῃ εἰς τὴν Κοῦβαν πίστωσιν καὶ θὰ ἀγοράσῃ σημαντικὰς ποσότητας σακχάρου κατὰ τὸ προσεχὲς ἔτος.

Ἡ Κίνα καὶ ἡ Κοῦβα ὑπέγραψαν συμφωνίαν οἰκονομικῆς συνεργασίας βάσει τῆς ὁποίας ἡ Κίνα θὰ παραχωρήσῃ εἰς τὴν Κοῦβαν πίστωσιν καὶ θὰ ἀγοράσῃ σημαντικὰς ποσότητας σακχάρου κατὰ τὸ προσεχὲς ἔτος.

ΕΝΔΕΙΑ ΚΑΙ ΕΞΑΘΛΙΩΣΙΣ ΕΙΣ ΠΡΩΤΟΦΑΝΗ ΕΚΤΑΣΙΝ ΜΑΣΤΙΖΟΥΝ ΤΗΝ ΚΡΗΤΗΝ

ΕΙΣ ΠΟΛΛΑΣ ΠΕΡΙΟΧΑΣ ΟΙ ΚΑΤΟΙΚΟΙ ΥΠΕΣΤΗΣΑΝ ΚΑΙ ΑΠΟΒΙΤΑΜΙΝΩΣΙΝ

Ο κ. ΒΕΝΙΖΕΛΟΣ ΖΗΤΕΙ ΑΠΟ ΤΟΝ ΕΡΥΘΡΟΝ ΣΤΑΥΡΟΝ ΝΑ ΣΠΕΥΣΗ ΕΙΣ ΒΟΗΘΕΙΑΝ ΤΩΝ ΔΕΙΝΟΠΑΘΟΥΝΤΩΝ

Ἡ Κίνα καὶ ἡ Κοῦβα ὑπέγραψαν συμφωνίαν οἰκονομικῆς συνεργασίας βάσει τῆς ὁποίας ἡ Κίνα θὰ παραχωρήσῃ εἰς τὴν Κοῦβαν πίστωσιν καὶ θὰ ἀγοράσῃ σημαντικὰς ποσότητας σακχάρου κατὰ τὸ προσεχὲς ἔτος.

Ἡ Κίνα καὶ ἡ Κοῦβα ὑπέγραψαν συμφωνίαν οἰκονομικῆς συνεργασίας βάσει τῆς ὁποίας ἡ Κίνα θὰ παραχωρήσῃ εἰς τὴν Κοῦβαν πίστωσιν καὶ θὰ ἀγοράσῃ σημαντικὰς ποσότητας σακχάρου κατὰ τὸ προσεχὲς ἔτος.

Ἡ Κίνα καὶ ἡ Κοῦβα ὑπέγραψαν συμφωνίαν οἰκονομικῆς συνεργασίας βάσει τῆς ὁποίας ἡ Κίνα θὰ παραχωρήσῃ εἰς τὴν Κοῦβαν πίστωσιν καὶ θὰ ἀγοράσῃ σημαντικὰς ποσότητας σακχάρου κατὰ τὸ προσεχὲς ἔτος.

Ἡ Κίνα καὶ ἡ Κοῦβα ὑπέγραψαν συμφωνίαν οἰκονομικῆς συνεργασίας βάσει τῆς ὁποίας ἡ Κίνα θὰ παραχωρήσῃ εἰς τὴν Κοῦβαν πίστωσιν καὶ θὰ ἀγοράσῃ σημαντικὰς ποσότητας σακχάρου κατὰ τὸ προσεχὲς ἔτος.

Ἡ Κίνα καὶ ἡ Κοῦβα ὑπέγραψαν συμφωνίαν οἰκονομικῆς συνεργασίας βάσει τῆς ὁποίας ἡ Κίνα θὰ παραχωρήσῃ εἰς τὴν Κοῦβαν πίστωσιν καὶ θὰ ἀγοράσῃ σημαντικὰς ποσότητας σακχάρου κατὰ τὸ προσεχὲς ἔτος.

Ἡ Κίνα καὶ ἡ Κοῦβα ὑπέγραψαν συμφωνίαν οἰκονομικῆς συνεργασίας βάσει τῆς ὁποίας ἡ Κίνα θὰ παραχωρήσῃ εἰς τὴν Κοῦβαν πίστωσιν καὶ θὰ ἀγοράσῃ σημαντικὰς ποσότητας σακχάρου κατὰ τὸ προσεχὲς ἔτος.

Ἡ Κίνα καὶ ἡ Κοῦβα ὑπέγραψαν συμφωνίαν οἰκονομικῆς συνεργασίας βάσει τῆς ὁποίας ἡ Κίνα θὰ παραχωρήσῃ εἰς τὴν Κοῦβαν πίστωσιν καὶ θὰ ἀγοράσῃ σημαντικὰς ποσότητας σακχάρου κατὰ τὸ προσεχὲς ἔτος.

Ἡ Κίνα καὶ ἡ Κοῦβα ὑπέγραψαν συμφωνίαν οἰκονομικῆς συνεργασίας βάσει τῆς ὁποίας ἡ Κίνα θὰ παραχωρήσῃ εἰς τὴν Κοῦβαν πίστωσιν καὶ θὰ ἀγοράσῃ σημαντικὰς ποσότητας σακχάρου κατὰ τὸ προσεχὲς ἔτος.

Πρὸς ἀποφυγὴν ἐσφαλμένων ἐντυπώσεων

ΟΙ ΟΡΟΙ ΕΡΓΑΣΙΑΣ ΚΑΙ ΠΕΡΙΘΑΛΨΕΩΣ ΤΩΝ ΕΛΛΗΝΩΝ ΕΡΓΑΤΩΝ ΕΙΣ ΓΕΡΜΑΝΙΑΝ

Ἕνας περίπατος εἰς τὴν Βόννην.— Ἀναχώρησις διὰ τὸ Νύσσελντορφ.— Ἡ ὑπηρεσία ἐργασίας.— Μία συνομιλία μὲ τὸν ἀντιπρόεδρον τοῦ ἐργατικοῦ κέντρου δρα Μπένκνερ.— Οἱ ὅροι κατοικίας.— Ὁ τρόπος προσλήψεως.— Διατί πρέπει νὰ ἀποφεύγεται ἡ δι' ἰδιωτικῆς πρωτοβουλίας μετάβασις.— Τί πρέπει νὰ γνωρίζουν οἱ μεταβαίνοντες.

ΠΡΟΣΛΑΜΒΑΝΟΝΤΑΙ ΜΕΣΩ ΜΙΑΣ ΑΡΜΟΔΙΑΣ ΥΠΗΡΕΣΙΑΣ

ΒΟΝΝΗ, 30. (Ἰδ. Ὑπ.). Θέλησα νὰ ἔχω τὴν εὐκαιρίαν νὰ ἐπισκεφθῶ τὰ ἐργοστάσια ὅπου ἐργάζονται Ἕλληνες ἐργάται καὶ νὰ γνωρίσω ἀπὸ κοντὰ τοὺς ὅρους ἐργασίας, κατοικίας καὶ περιθάλψεώς των. Ἡ πρόσληψις γίνεται μέσῳ τῆς ἁρμοδίας ὑπηρεσίας καὶ οἱ ἐργάται ἀμείβονται ὅπως καὶ οἱ Γερμανοὶ συνάδελφοί των.

Θέλησα νὰ ἔχω τὴν εὐκαιρίαν νὰ ἐπισκεφθῶ τὰ ἐργοστάσια ὅπου ἐργάζονται Ἕλληνες ἐργάται καὶ νὰ γνωρίσω ἀπὸ κοντὰ τοὺς ὅρους ἐργασίας, κατοικίας καὶ περιθάλψεώς των. Ἡ πρόσληψις γίνεται μέσῳ τῆς ἁρμοδίας ὑπηρεσίας καὶ οἱ ἐργάται ἀμείβονται ὅπως καὶ οἱ Γερμανοὶ συνάδελφοί των.

Θέλησα νὰ ἔχω τὴν εὐκαιρίαν νὰ ἐπισκεφθῶ τὰ ἐργοστάσια ὅπου ἐργάζονται Ἕλληνες ἐργάται καὶ νὰ γνωρίσω ἀπὸ κοντὰ τοὺς ὅρους ἐργασίας, κατοικίας καὶ περιθάλψεώς των. Ἡ πρόσληψις γίνεται μέσῳ τῆς ἁρμοδίας ὑπηρεσίας καὶ οἱ ἐργάται ἀμείβονται ὅπως καὶ οἱ Γερμανοὶ συνάδελφοί των.

ΤΟ ΝΤΥΣΣΕΛΝΤΟΡΦ

Θέλησα νὰ ἔχω τὴν εὐκαιρίαν νὰ ἐπισκεφθῶ τὰ ἐργοστάσια ὅπου ἐργάζονται Ἕλληνες ἐργάται καὶ νὰ γνωρίσω ἀπὸ κοντὰ τοὺς ὅρους ἐργασίας, κατοικίας καὶ περιθάλψεώς των. Ἡ πρόσληψις γίνεται μέσῳ τῆς ἁρμοδίας ὑπηρεσίας καὶ οἱ ἐργάται ἀμείβονται ὅπως καὶ οἱ Γερμανοὶ συνάδελφοί των.

Θέλησα νὰ ἔχω τὴν εὐκαιρίαν νὰ ἐπισκεφθῶ τὰ ἐργοστάσια ὅπου ἐργάζονται Ἕλληνες ἐργάται καὶ νὰ γνωρίσω ἀπὸ κοντὰ τοὺς ὅρους ἐργασίας, κατοικίας καὶ περιθάλψεώς των. Ἡ πρόσληψις γίνεται μέσῳ τῆς ἁρμοδίας ὑπηρεσίας καὶ οἱ ἐργάται ἀμείβονται ὅπως καὶ οἱ Γερμανοὶ συνάδελφοί των.

Θέλησα νὰ ἔχω τὴν εὐκαιρίαν νὰ ἐπισκεφθῶ τὰ ἐργοστάσια ὅπου ἐργάζονται Ἕλληνες ἐργάται καὶ νὰ γνωρίσω ἀπὸ κοντὰ τοὺς ὅρους ἐργασίας, κατοικίας καὶ περιθάλψεώς των. Ἡ πρόσληψις γίνεται μέσῳ τῆς ἁρμοδίας ὑπηρεσίας καὶ οἱ ἐργάται ἀμείβονται ὅπως καὶ οἱ Γερμανοὶ συνάδελφοί των.

ΟΙ ΕΛΛΗΝΕΣ ΕΡΓΑΤΑΙ

Θέλησα νὰ ἔχω τὴν εὐκαιρίαν νὰ ἐπισκεφθῶ τὰ ἐργοστάσια ὅπου ἐργάζονται Ἕλληνες ἐργάται καὶ νὰ γνωρίσω ἀπὸ κοντὰ τοὺς ὅρους ἐργασίας, κατοικίας καὶ περιθάλψεώς των. Ἡ πρόσληψις γίνεται μέσῳ τῆς ἁρμοδίας ὑπηρεσίας καὶ οἱ ἐργάται ἀμείβονται ὅπως καὶ οἱ Γερμανοὶ συνάδελφοί των.

Θέλησα νὰ ἔχω τὴν εὐκαιρίαν νὰ ἐπισκεφθῶ τὰ ἐργοστάσια ὅπου ἐργάζονται Ἕλληνες ἐργάται καὶ νὰ γνωρίσω ἀπὸ κοντὰ τοὺς ὅρους ἐργασίας, κατοικίας καὶ περιθάλψεώς των. Ἡ πρόσληψις γίνεται μέσῳ τῆς ἁρμοδίας ὑπηρεσίας καὶ οἱ ἐργάται ἀμείβονται ὅπως καὶ οἱ Γερμανοὶ συνάδελφοί των.

ΤΟ ΘΕΜΑ ΤΗΣ ΚΑΤΟΙΚΙΑΣ

Θέλησα νὰ ἔχω τὴν εὐκαιρίαν νὰ ἐπισκεφθῶ τὰ ἐργοστάσια ὅπου ἐργάζονται Ἕλληνες ἐργάται καὶ νὰ γνωρίσω ἀπὸ κοντὰ τοὺς ὅρους ἐργασίας, κατοικίας καὶ περιθάλψεώς των. Ἡ πρόσληψις γίνεται μέσῳ τῆς ἁρμοδίας ὑπηρεσίας καὶ οἱ ἐργάται ἀμείβονται ὅπως καὶ οἱ Γερμανοὶ συνάδελφοί των.

Θέλησα νὰ ἔχω τὴν εὐκαιρίαν νὰ ἐπισκεφθῶ τὰ ἐργοστάσια ὅπου ἐργάζονται Ἕλληνες ἐργάται καὶ νὰ γνωρίσω ἀπὸ κοντὰ τοὺς ὅρους ἐργασίας, κατοικίας καὶ περιθάλψεώς των. Ἡ πρόσληψις γίνεται μέσῳ τῆς ἁρμοδίας ὑπηρεσίας καὶ οἱ ἐργάται ἀμείβονται ὅπως καὶ οἱ Γερμανοὶ συνάδελφοί των.

Θέλησα νὰ ἔχω τὴν εὐκαιρίαν νὰ ἐπισκεφθῶ τὰ ἐργοστάσια ὅπου ἐργάζονται Ἕλληνες ἐργάται καὶ νὰ γνωρίσω ἀπὸ κοντὰ τοὺς ὅρους ἐργασίας, κατοικίας καὶ περιθάλψεώς των. Ἡ πρόσληψις γίνεται μέσῳ τῆς ἁρμοδίας ὑπηρεσίας καὶ οἱ ἐργάται ἀμείβονται ὅπως καὶ οἱ Γερμανοὶ συνάδελφοί των.

Η ΙΑΤΡΙΚΗ ΠΕΡΙΘΑΛΨΙΣ

Θέλησα νὰ ἔχω τὴν εὐκαιρίαν νὰ ἐπισκεφθῶ τὰ ἐργοστάσια ὅπου ἐργάζονται Ἕλληνες ἐργάται καὶ νὰ γνωρίσω ἀπὸ κοντὰ τοὺς ὅρους ἐργασίας, κατοικίας καὶ περιθάλψεώς των. Ἡ πρόσληψις γίνεται μέσῳ τῆς ἁρμοδίας ὑπηρεσίας καὶ οἱ ἐργάται ἀμείβονται ὅπως καὶ οἱ Γερμανοὶ συνάδελφοί των.

Θέλησα νὰ ἔχω τὴν εὐκαιρίαν νὰ ἐπισκεφθῶ τὰ ἐργοστάσια ὅπου ἐργάζονται Ἕλληνες ἐργάται καὶ νὰ γνωρίσω ἀπὸ κοντὰ τοὺς ὅρους ἐργασίας, κατοικίας καὶ περιθάλψεώς των. Ἡ πρόσληψις γίνεται μέσῳ τῆς ἁρμοδίας ὑπηρεσίας καὶ οἱ ἐργάται ἀμείβονται ὅπως καὶ οἱ Γερμανοὶ συνάδελφοί των.

ΣΥΝΕΧΙΖΟΝΤΑΙ ΑΙ ΤΑΡΑΧΑΙ ΕΙΣ ΚΑΡΑΚΑΣ ΤΗΣ ΒΟΛΙΒΙΑΣ

Θέλησα νὰ ἔχω τὴν εὐκαιρίαν νὰ ἐπισκεφθῶ τὰ ἐργοστάσια ὅπου ἐργάζονται Ἕλληνες ἐργάται καὶ νὰ γνωρίσω ἀπὸ κοντὰ τοὺς ὅρους ἐργασίας, κατοικίας καὶ περιθάλψεώς των. Ἡ πρόσληψις γίνεται μέσῳ τῆς ἁρμοδίας ὑπηρεσίας καὶ οἱ ἐργάται ἀμείβονται ὅπως καὶ οἱ Γερμανοὶ συνάδελφοί των.

ΜΙΚΡΑΙ ΕΞΩΤΕΡΙΚΑΙ ΕΙΔΗΣΕΙΣ

Θέλησα νὰ ἔχω τὴν εὐκαιρίαν νὰ ἐπισκεφθῶ τὰ ἐργοστάσια ὅπου ἐργάζονται Ἕλληνες ἐργάται καὶ νὰ γνωρίσω ἀπὸ κοντὰ τοὺς ὅρους ἐργασίας, κατοικίας καὶ περιθάλψεώς των. Ἡ πρόσληψις γίνεται μέσῳ τῆς ἁρμοδίας ὑπηρεσίας καὶ οἱ ἐργάται ἀμείβονται ὅπως καὶ οἱ Γερμανοὶ συνάδελφοί των.

Θέλησα νὰ ἔχω τὴν εὐκαιρίαν νὰ ἐπισκεφθῶ τὰ ἐργοστάσια ὅπου ἐργάζονται Ἕλληνες ἐργάται καὶ νὰ γνωρίσω ἀπὸ κοντὰ τοὺς ὅρους ἐργασίας, κατοικίας καὶ περιθάλψεώς των. Ἡ πρόσληψις γίνεται μέσῳ τῆς ἁρμοδίας ὑπηρεσίας καὶ οἱ ἐργάται ἀμείβονται ὅπως καὶ οἱ Γερμανοὶ συνάδελφοί των.

Θέλησα νὰ ἔχω τὴν εὐκαιρίαν νὰ ἐπισκεφθῶ τὰ ἐργοστάσια ὅπου ἐργάζονται Ἕλληνες ἐργάται καὶ νὰ γνωρίσω ἀπὸ κοντὰ τοὺς ὅρους ἐργασίας, κατοικίας καὶ περιθάλψεώς των. Ἡ πρόσληψις γίνεται μέσῳ τῆς ἁρμοδίας ὑπηρεσίας καὶ οἱ ἐργάται ἀμείβονται ὅπως καὶ οἱ Γερμανοὶ συνάδελφοί των.

Μία ὁμὰς 28 Ἑλλήνων ἐργατῶν εἰς τὴν Κολωνίαν. Μόλις ἀφίχθησαν, κατακοποι ἀπὸ τὴν ταξιδιωτικὴν ταλαιπωρίαν τοῦ ταξιδίου, στέκονται μὲ βλέμματα περίεργα εἰς τὸ περιβάλλον τοῦ ἐργοστασίου. Ἕνας καινούργιος κόσμος ἀνοίγεται ἐμπρός των. Ἄραγε θὰ πραγματοποιηθοῦν τὰ ὄνειρά των;

Θέλησα νὰ ἔχω τὴν εὐκαιρίαν νὰ ἐπισκεφθῶ τὰ ἐργοστάσια ὅπου ἐργάζονται Ἕλληνες ἐργάται καὶ νὰ γνωρίσω ἀπὸ κοντὰ τοὺς ὅρους ἐργασίας, κατοικίας καὶ περιθάλψεώς των. Ἡ πρόσληψις γίνεται μέσῳ τῆς ἁρμοδίας ὑπηρεσίας καὶ οἱ ἐργάται ἀμείβονται ὅπως καὶ οἱ Γερμανοὶ συνάδελφοί των.

Η ΠΡΟΣΛΗΨΙΣ ΕΡΓΑΤΩΝ

Θέλησα νὰ ἔχω τὴν εὐκαιρίαν νὰ ἐπισκεφθῶ τὰ ἐργοστάσια ὅπου ἐργάζονται Ἕλληνες ἐργάται καὶ νὰ γνωρίσω ἀπὸ κοντὰ τοὺς ὅρους ἐργασίας, κατοικίας καὶ περιθάλψεώς των. Ἡ πρόσληψις γίνεται μέσῳ τῆς ἁρμοδίας ὑπηρεσίας καὶ οἱ ἐργάται ἀμείβονται ὅπως καὶ οἱ Γερμανοὶ συνάδελφοί των.

ΕΙΡΗΝΗ ΒΑΣΙΛΕΙΑΔΟΥ

Εἰς τὸ «Οὐνκέρκεν», πλησίον τοῦ Ντύσσελντορφ, τὸ ἐργοστάσιον Γκλάντστοκ, ἔκτισε διὰ τοὺς Ἕλληνας ἐργάτας ἀνέτους κατοικίας. Εἰς τὴν φωτογραφίαν μία κατοικία ὅπου φιλοξενοῦνται 52 Ἕλληνες ἐργάται.

ΑΠΗΓΟΡΕΥΘΗ ΕΙΣ ΕΘΝΙΚΟΣΟΣΙΑΛΙΣΤΗΝ ΓΕΡΜΑΝΟΝ ΑΝΤΙΣΥΜΠΛΟΙΑΡΧΟΝ ΦΙΛΟΝ ΤΟΥ ΟΣΒΑΛΝΤ ΜΟΣΛΕΫ Η ΕΙΣΟΔΟΣ ΕΙΣ ΜΕΓΑΛΗΝ ΒΡΕΤΑΝΝΙΑΝ

Θέλησα νὰ ἔχω τὴν εὐκαιρίαν νὰ ἐπισκεφθῶ τὰ ἐργοστάσια ὅπου ἐργάζονται Ἕλληνες ἐργάται καὶ νὰ γνωρίσω ἀπὸ κοντὰ τοὺς ὅρους ἐργασίας, κατοικίας καὶ περιθάλψεώς των. Ἡ πρόσληψις γίνεται μέσῳ τῆς ἁρμοδίας ὑπηρεσίας καὶ οἱ ἐργάται ἀμείβονται ὅπως καὶ οἱ Γερμανοὶ συνάδελφοί των.

Θέλησα νὰ ἔχω τὴν εὐκαιρίαν νὰ ἐπισκεφθῶ τὰ ἐργοστάσια ὅπου ἐργάζονται Ἕλληνες ἐργάται καὶ νὰ γνωρίσω ἀπὸ κοντὰ τοὺς ὅρους ἐργασίας, κατοικίας καὶ περιθάλψεώς των. Ἡ πρόσληψις γίνεται μέσῳ τῆς ἁρμοδίας ὑπηρεσίας καὶ οἱ ἐργάται ἀμείβονται ὅπως καὶ οἱ Γερμανοὶ συνάδελφοί των.

Θέλησα νὰ ἔχω τὴν εὐκαιρίαν νὰ ἐπισκεφθῶ τὰ ἐργοστάσια ὅπου ἐργάζονται Ἕλληνες ἐργάται καὶ νὰ γνωρίσω ἀπὸ κοντὰ τοὺς ὅρους ἐργασίας, κατοικίας καὶ περιθάλψεώς των. Ἡ πρόσληψις γίνεται μέσῳ τῆς ἁρμοδίας ὑπηρεσίας καὶ οἱ ἐργάται ἀμείβονται ὅπως καὶ οἱ Γερμανοὶ συνάδελφοί των.

Θέλησα νὰ ἔχω τὴν εὐκαιρίαν νὰ ἐπισκεφθῶ τὰ ἐργοστάσια ὅπου ἐργάζονται Ἕλληνες ἐργάται καὶ νὰ γνωρίσω ἀπὸ κοντὰ τοὺς ὅρους ἐργασίας, κατοικίας καὶ περιθάλψεώς των. Ἡ πρόσληψις γίνεται μέσῳ τῆς ἁρμοδίας ὑπηρεσίας καὶ οἱ ἐργάται ἀμείβονται ὅπως καὶ οἱ Γερμανοὶ συνάδελφοί των.

ΠΡΟΤΕΙΝΕΤΑΙ Η ΙΔΡΥΣΙΣ ΒΙΟΜΗΧΑΝΙΑΣ ΑΖΩΤΟΦΩΣΦΟΡΟΥΧΩΝ ΛΙΠΑΣΜΑΤΩΝ

ΤΗΝ ΑΝΑΛΑΜΒΑΝΕΙ ΑΜΕΡΙΚΑΝΙΚΟΣ ΟΙΚΟΣ

Θέλησα νὰ ἔχω τὴν εὐκαιρίαν νὰ ἐπισκεφθῶ τὰ ἐργοστάσια ὅπου ἐργάζονται Ἕλληνες ἐργάται καὶ νὰ γνωρίσω ἀπὸ κοντὰ τοὺς ὅρους ἐργασίας, κατοικίας καὶ περιθάλψεώς των. Ἡ πρόσληψις γίνεται μέσῳ τῆς ἁρμοδίας ὑπηρεσίας καὶ οἱ ἐργάται ἀμείβονται ὅπως καὶ οἱ Γερμανοὶ συνάδελφοί των.

Θέλησα νὰ ἔχω τὴν εὐκαιρίαν νὰ ἐπισκεφθῶ τὰ ἐργοστάσια ὅπου ἐργάζονται Ἕλληνες ἐργάται καὶ νὰ γνωρίσω ἀπὸ κοντὰ τοὺς ὅρους ἐργασίας, κατοικίας καὶ περιθάλψεώς των. Ἡ πρόσληψις γίνεται μέσῳ τῆς ἁρμοδίας ὑπηρεσίας καὶ οἱ ἐργάται ἀμείβονται ὅπως καὶ οἱ Γερμανοὶ συνάδελφοί των.

Θέλησα νὰ ἔχω τὴν εὐκαιρίαν νὰ ἐπισκεφθῶ τὰ ἐργοστάσια ὅπου ἐργάζονται Ἕλληνες ἐργάται καὶ νὰ γνωρίσω ἀπὸ κοντὰ τοὺς ὅρους ἐργασίας, κατοικίας καὶ περιθάλψεώς των. Ἡ πρόσληψις γίνεται μέσῳ τῆς ἁρμοδίας ὑπηρεσίας καὶ οἱ ἐργάται ἀμείβονται ὅπως καὶ οἱ Γερμανοὶ συνάδελφοί των.

Θέλησα νὰ ἔχω τὴν εὐκαιρίαν νὰ ἐπισκεφθῶ τὰ ἐργοστάσια ὅπου ἐργάζονται Ἕλληνες ἐργάται καὶ νὰ γνωρίσω ἀπὸ κοντὰ τοὺς ὅρους ἐργασίας, κατοικίας καὶ περιθάλψεώς των. Ἡ πρόσληψις γίνεται μέσῳ τῆς ἁρμοδίας ὑπηρεσίας καὶ οἱ ἐργάται ἀμείβονται ὅπως καὶ οἱ Γερμανοὶ συνάδελφοί των.

Ο ΤΙΤΟ ΕΔΗΛΩΣΕΝ ΟΤΙ ΘΑ ΤΡΟΠΟΠΟΙΗΣΗ ΤΟ ΣΥΝΤΑΓΜΑ ΤΗΣ ΓΙΟΥΓΚΟΣΛΑΒΙΑΣ ΜΕΤΑ ΤΑΣ ΣΟΣΙΑΛΙΣΤΙΚΑΣ ΕΠΙΤΕΥΞΕΙΣ

Τὸ κράτος θὰ ἐμφανίζεται ὡς «παράγων συντονισμοῦ»

Θέλησα νὰ ἔχω τὴν εὐκαιρίαν νὰ ἐπισκεφθῶ τὰ ἐργοστάσια ὅπου ἐργάζονται Ἕλληνες ἐργάται καὶ νὰ γνωρίσω ἀπὸ κοντὰ τοὺς ὅρους ἐργασίας, κατοικίας καὶ περιθάλψεώς των. Ἡ πρόσληψις γίνεται μέσῳ τῆς ἁρμοδίας ὑπηρεσίας καὶ οἱ ἐργάται ἀμείβονται ὅπως καὶ οἱ Γερμανοὶ συνάδελφοί των.

Θέλησα νὰ ἔχω τὴν εὐκαιρίαν νὰ ἐπισκεφθῶ τὰ ἐργοστάσια ὅπου ἐργάζονται Ἕλληνες ἐργάται καὶ νὰ γνωρίσω ἀπὸ κοντὰ τοὺς ὅρους ἐργασίας, κατοικίας καὶ περιθάλψεώς των. Ἡ πρόσληψις γίνεται μέσῳ τῆς ἁρμοδίας ὑπηρεσίας καὶ οἱ ἐργάται ἀμείβονται ὅπως καὶ οἱ Γερμανοὶ συνάδελφοί των.

Θέλησα νὰ ἔχω τὴν εὐκαιρίαν νὰ ἐπισκεφθῶ τὰ ἐργοστάσια ὅπου ἐργάζονται Ἕλληνες ἐργάται καὶ νὰ γνωρίσω ἀπὸ κοντὰ τοὺς ὅρους ἐργασίας, κατοικίας καὶ περιθάλψεώς των. Ἡ πρόσληψις γίνεται μέσῳ τῆς ἁρμοδίας ὑπηρεσίας καὶ οἱ ἐργάται ἀμείβονται ὅπως καὶ οἱ Γερμανοὶ συνάδελφοί των.

Θέλησα νὰ ἔχω τὴν εὐκαιρίαν νὰ ἐπισκεφθῶ τὰ ἐργοστάσια ὅπου ἐργάζονται Ἕλληνες ἐργάται καὶ νὰ γνωρίσω ἀπὸ κοντὰ τοὺς ὅρους ἐργασίας, κατοικίας καὶ περιθάλψεώς των. Ἡ πρόσληψις γίνεται μέσῳ τῆς ἁρμοδίας ὑπηρεσίας καὶ οἱ ἐργάται ἀμείβονται ὅπως καὶ οἱ Γερμανοὶ συνάδελφοί των.

Θέλησα νὰ ἔχω τὴν εὐκαιρίαν νὰ ἐπισκεφθῶ τὰ ἐργοστάσια ὅπου ἐργάζονται Ἕλληνες ἐργάται καὶ νὰ γνωρίσω ἀπὸ κοντὰ τοὺς ὅρους ἐργασίας, κατοικίας καὶ περιθάλψεώς των. Ἡ πρόσληψις γίνεται μέσῳ τῆς ἁρμοδίας ὑπηρεσίας καὶ οἱ ἐργάται ἀμείβονται ὅπως καὶ οἱ Γερμανοὶ συνάδελφοί των.

Θέλησα νὰ ἔχω τὴν εὐκαιρίαν νὰ ἐπισκεφθῶ τὰ ἐργοστάσια ὅπου ἐργάζονται Ἕλληνες ἐργάται καὶ νὰ γνωρίσω ἀπὸ κοντὰ τοὺς ὅρους ἐργασίας, κατοικίας καὶ περιθάλψεώς των. Ἡ πρόσληψις γίνεται μέσῳ τῆς ἁρμοδίας ὑπηρεσίας καὶ οἱ ἐργάται ἀμείβονται ὅπως καὶ οἱ Γερμανοὶ συνάδελφοί των.
